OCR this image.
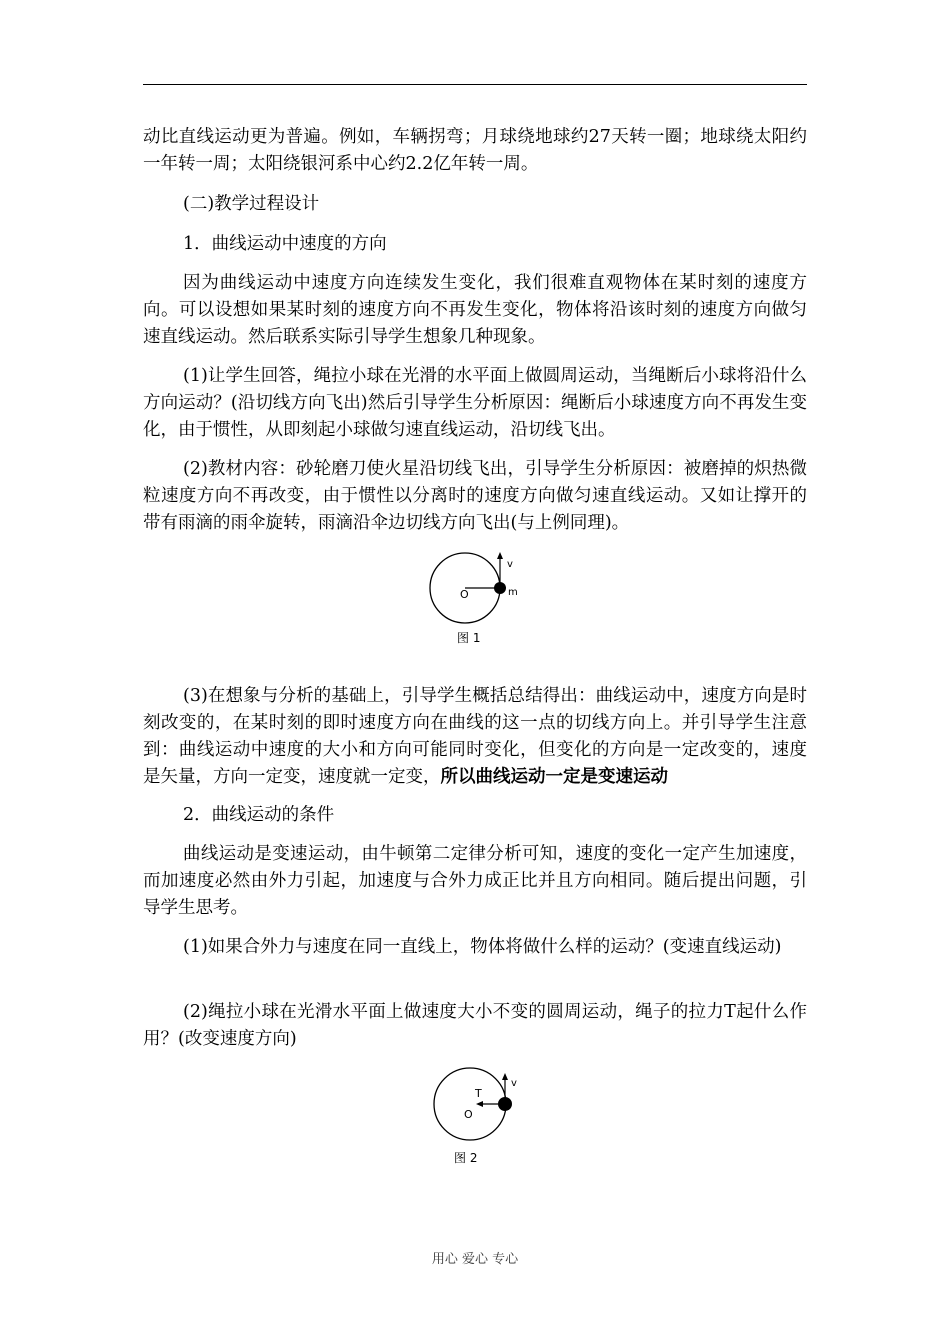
动比直线运动更为普遍。例如，车辆拐弯；月球绕地球约27天转一圈；地球绕太阳约一年转一周；太阳绕银河系中心约2.2亿年转一周。

(二)教学过程设计

1．曲线运动中速度的方向

因为曲线运动中速度方向连续发生变化，我们很难直观物体在某时刻的速度方向。可以设想如果某时刻的速度方向不再发生变化，物体将沿该时刻的速度方向做匀速直线运动。然后联系实际引导学生想象几种现象。

(1)让学生回答，绳拉小球在光滑的水平面上做圆周运动，当绳断后小球将沿什么方向运动？(沿切线方向飞出)然后引导学生分析原因：绳断后小球速度方向不再发生变化，由于惯性，从即刻起小球做匀速直线运动，沿切线飞出。

(2)教材内容：砂轮磨刀使火星沿切线飞出，引导学生分析原因：被磨掉的炽热微粒速度方向不再改变，由于惯性以分离时的速度方向做匀速直线运动。又如让撑开的带有雨滴的雨伞旋转，雨滴沿伞边切线方向飞出(与上例同理)。

v
O	m
图 1

(3)在想象与分析的基础上，引导学生概括总结得出：曲线运动中，速度方向是时刻改变的，在某时刻的即时速度方向在曲线的这一点的切线方向上。并引导学生注意到：曲线运动中速度的大小和方向可能同时变化，但变化的方向是一定改变的，速度是矢量，方向一定变，速度就一定变，所以曲线运动一定是变速运动

2．曲线运动的条件

曲线运动是变速运动，由牛顿第二定律分析可知，速度的变化一定产生加速度，而加速度必然由外力引起，加速度与合外力成正比并且方向相同。随后提出问题，引导学生思考。

(1)如果合外力与速度在同一直线上，物体将做什么样的运动？(变速直线运动)

(2)绳拉小球在光滑水平面上做速度大小不变的圆周运动，绳子的拉力T起什么作用？(改变速度方向)

v
T
O
图 2
用心 爱心 专心
